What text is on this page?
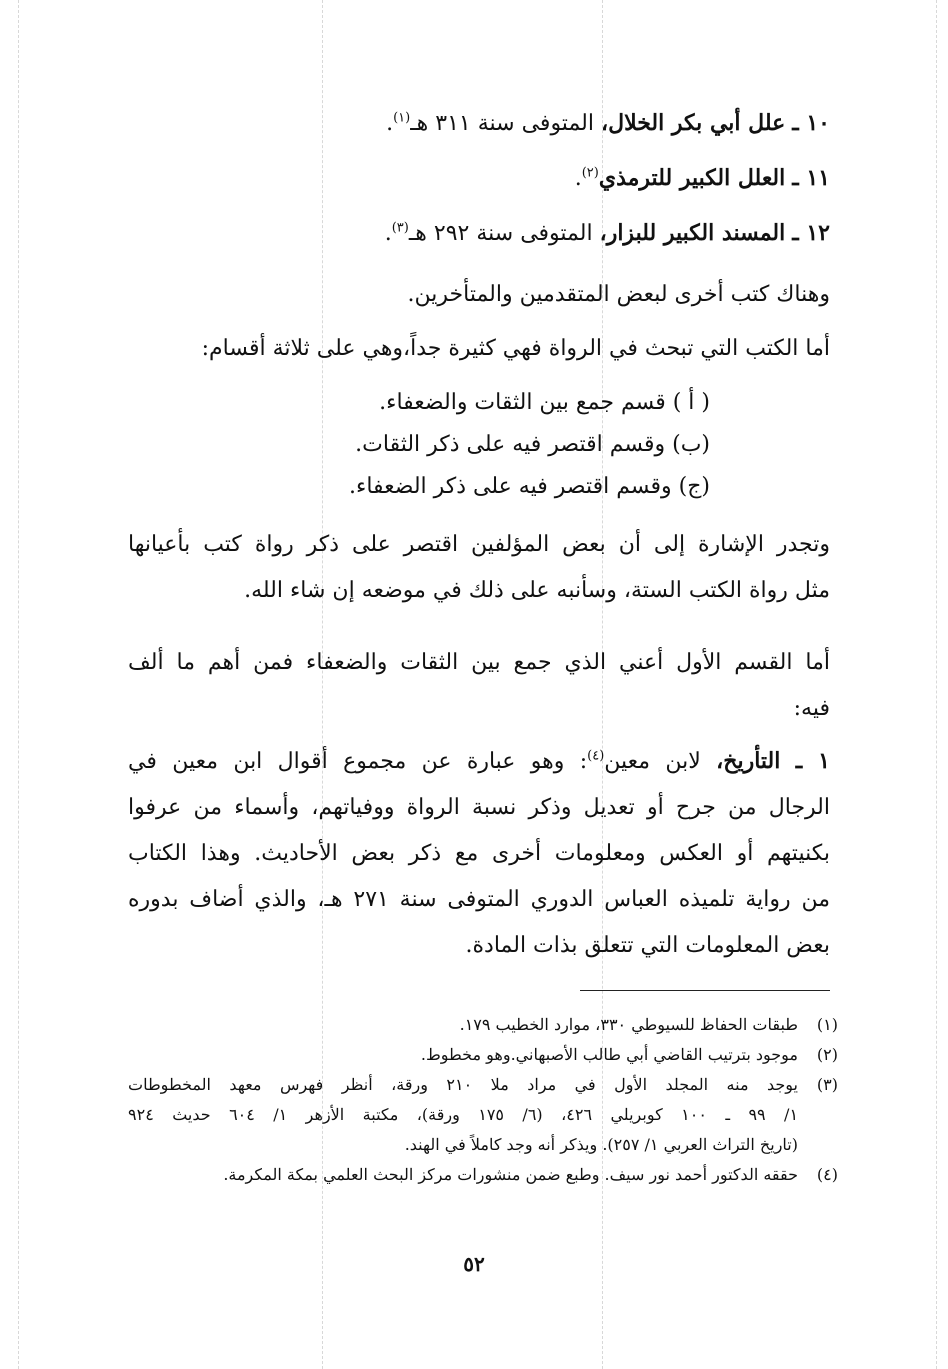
١٠ ـ علل أبي بكر الخلال، المتوفى سنة ٣١١ هـ$^{(١)}$.
١١ ـ العلل الكبير للترمذي$^{(٢)}$.
١٢ ـ المسند الكبير للبزار، المتوفى سنة ٢٩٢ هـ$^{(٣)}$.
وهناك كتب أخرى لبعض المتقدمين والمتأخرين.
أما الكتب التي تبحث في الرواة فهي كثيرة جداً،وهي على ثلاثة أقسام:
( أ ) قسم جمع بين الثقات والضعفاء.
(ب) وقسم اقتصر فيه على ذكر الثقات.
(ج) وقسم اقتصر فيه على ذكر الضعفاء.
وتجدر الإشارة إلى أن بعض المؤلفين اقتصر على ذكر رواة كتب بأعيانها
مثل رواة الكتب الستة، وسأنبه على ذلك في موضعه إن شاء الله.
أما القسم الأول أعني الذي جمع بين الثقات والضعفاء فمن أهم ما ألف
فيه:
١ ـ التأريخ، لابن معين$^{(٤)}$: وهو عبارة عن مجموع أقوال ابن معين في
الرجال من جرح أو تعديل وذكر نسبة الرواة ووفياتهم، وأسماء من عرفوا
بكنيتهم أو العكس ومعلومات أخرى مع ذكر بعض الأحاديث. وهذا الكتاب
من رواية تلميذه العباس الدوري المتوفى سنة ٢٧١ هـ، والذي أضاف بدوره
بعض المعلومات التي تتعلق بذات المادة.
(١)
طبقات الحفاظ للسيوطي ٣٣٠، موارد الخطيب ١٧٩.
(٢)
موجود بترتيب القاضي أبي طالب الأصبهاني.وهو مخطوط.
(٣)
يوجد منه المجلد الأول في مراد ملا ٢١٠ ورقة، أنظر فهرس معهد المخطوطات
١/ ٩٩ ـ ١٠٠ كوبريلي ٤٢٦، (٦/ ١٧٥ ورقة)، مكتبة الأزهر ١/ ٦٠٤ حديث ٩٢٤
(تاريخ التراث العربي ١/ ٢٥٧). ويذكر أنه وجد كاملاً في الهند.
(٤)
حققه الدكتور أحمد نور سيف. وطبع ضمن منشورات مركز البحث العلمي بمكة المكرمة.
٥٢
